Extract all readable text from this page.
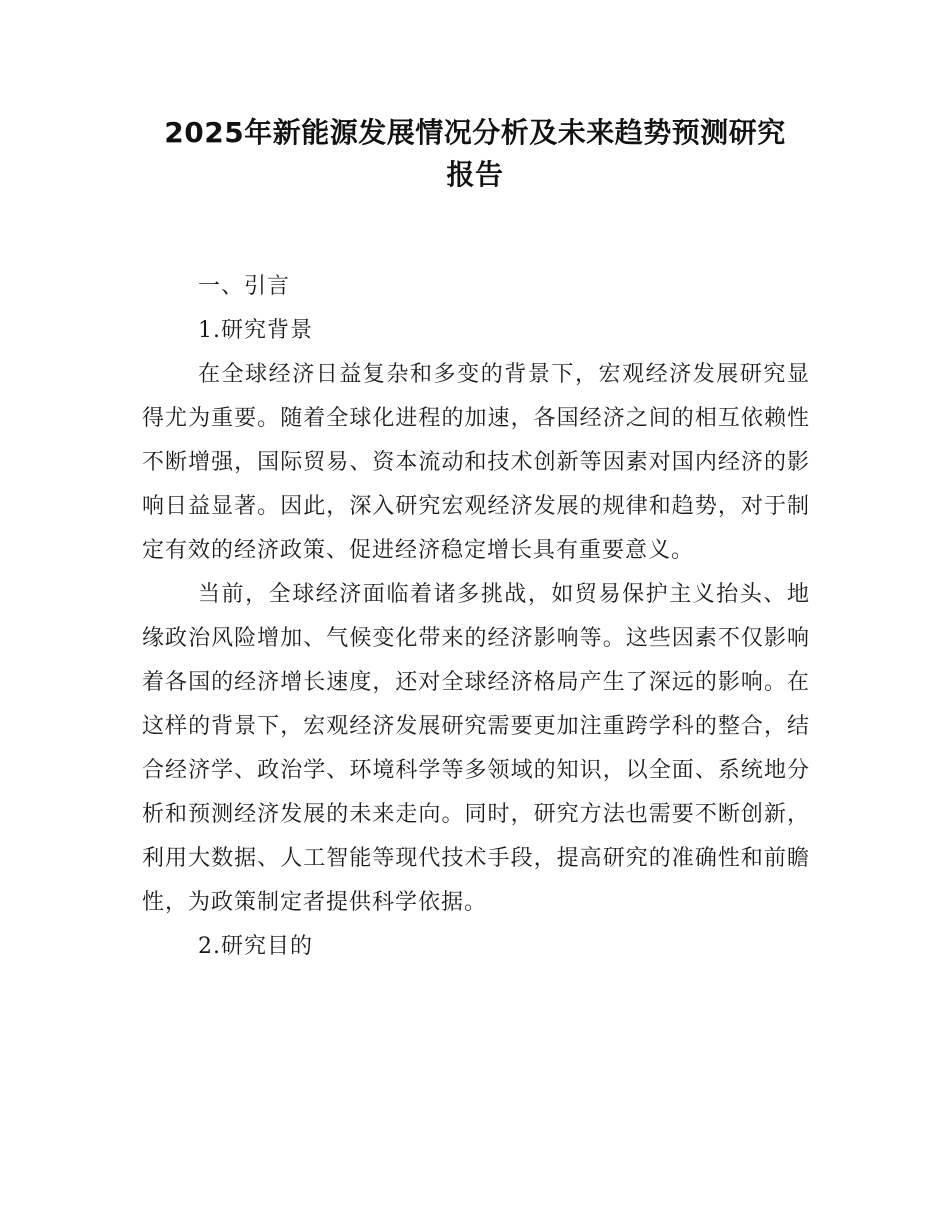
2025年新能源发展情况分析及未来趋势预测研究
报告

一、引言

1.研究背景

在全球经济日益复杂和多变的背景下，宏观经济发展研究显得尤为重要。随着全球化进程的加速，各国经济之间的相互依赖性不断增强，国际贸易、资本流动和技术创新等因素对国内经济的影响日益显著。因此，深入研究宏观经济发展的规律和趋势，对于制定有效的经济政策、促进经济稳定增长具有重要意义。

当前，全球经济面临着诸多挑战，如贸易保护主义抬头、地缘政治风险增加、气候变化带来的经济影响等。这些因素不仅影响着各国的经济增长速度，还对全球经济格局产生了深远的影响。在这样的背景下，宏观经济发展研究需要更加注重跨学科的整合，结合经济学、政治学、环境科学等多领域的知识，以全面、系统地分析和预测经济发展的未来走向。同时，研究方法也需要不断创新，利用大数据、人工智能等现代技术手段，提高研究的准确性和前瞻性，为政策制定者提供科学依据。

2.研究目的
